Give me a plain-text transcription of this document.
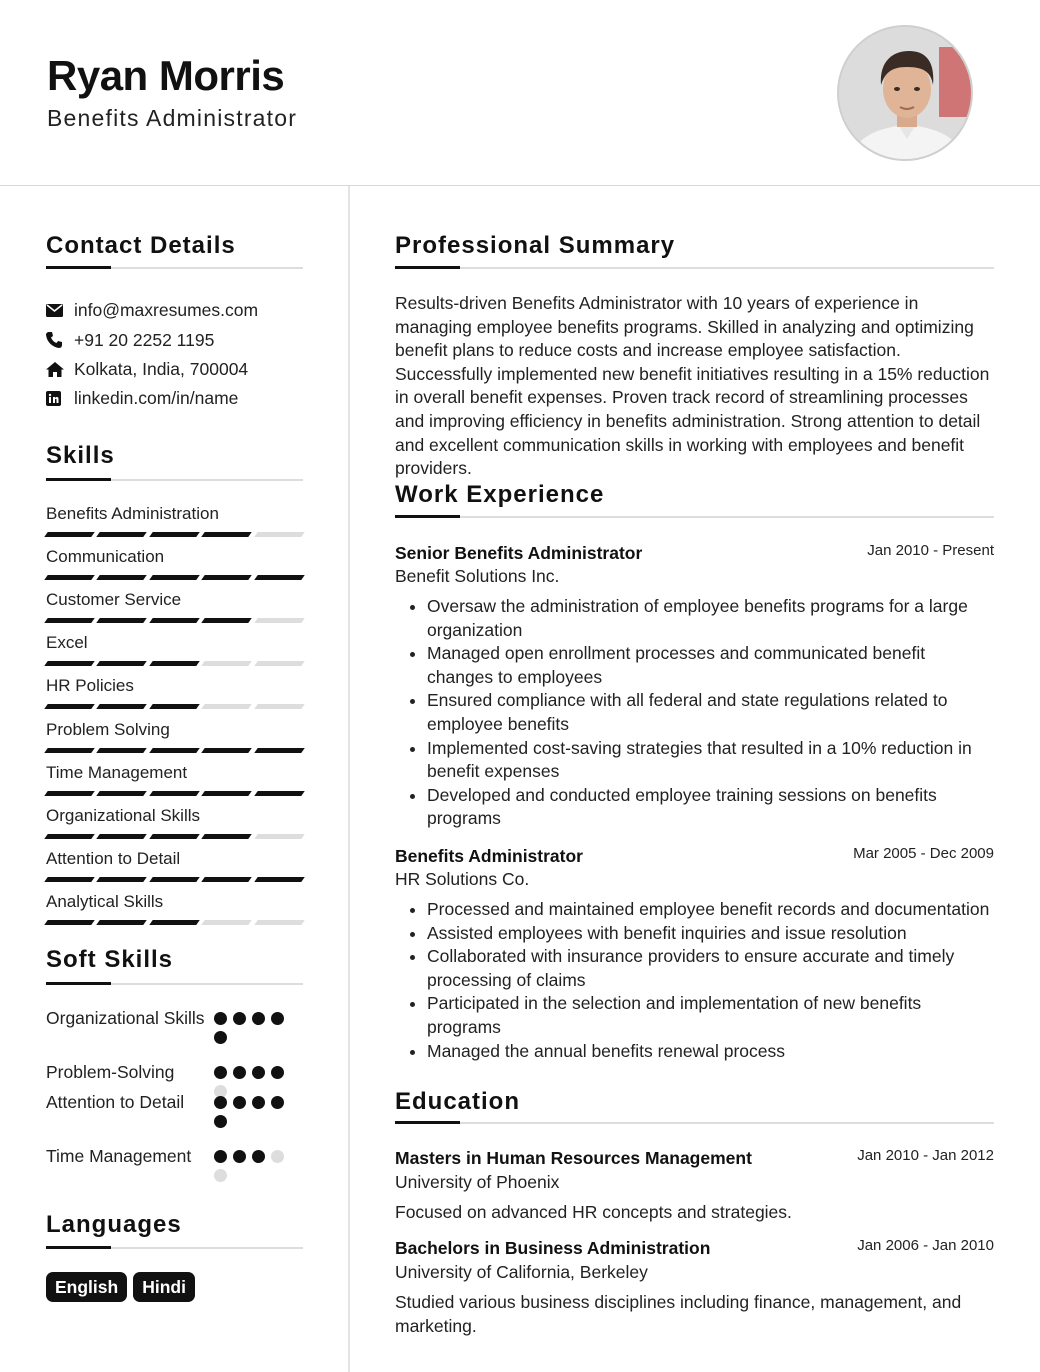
Ryan Morris
Benefits Administrator
Contact Details
info@maxresumes.com
+91 20 2252 1195
Kolkata, India, 700004
linkedin.com/in/name
Skills
Benefits Administration
Communication
Customer Service
Excel
HR Policies
Problem Solving
Time Management
Organizational Skills
Attention to Detail
Analytical Skills
Soft Skills
Organizational Skills
Problem-Solving
Attention to Detail
Time Management
Languages
English	Hindi
Professional Summary
Results-driven Benefits Administrator with 10 years of experience in managing employee benefits programs. Skilled in analyzing and optimizing benefit plans to reduce costs and increase employee satisfaction. Successfully implemented new benefit initiatives resulting in a 15% reduction in overall benefit expenses. Proven track record of streamlining processes and improving efficiency in benefits administration. Strong attention to detail and excellent communication skills in working with employees and benefit providers.
Work Experience
Senior Benefits Administrator	Jan 2010 - Present
Benefit Solutions Inc.
• Oversaw the administration of employee benefits programs for a large organization
• Managed open enrollment processes and communicated benefit changes to employees
• Ensured compliance with all federal and state regulations related to employee benefits
• Implemented cost-saving strategies that resulted in a 10% reduction in benefit expenses
• Developed and conducted employee training sessions on benefits programs
Benefits Administrator	Mar 2005 - Dec 2009
HR Solutions Co.
• Processed and maintained employee benefit records and documentation
• Assisted employees with benefit inquiries and issue resolution
• Collaborated with insurance providers to ensure accurate and timely processing of claims
• Participated in the selection and implementation of new benefits programs
• Managed the annual benefits renewal process
Education
Masters in Human Resources Management	Jan 2010 - Jan 2012
University of Phoenix
Focused on advanced HR concepts and strategies.
Bachelors in Business Administration	Jan 2006 - Jan 2010
University of California, Berkeley
Studied various business disciplines including finance, management, and marketing.
